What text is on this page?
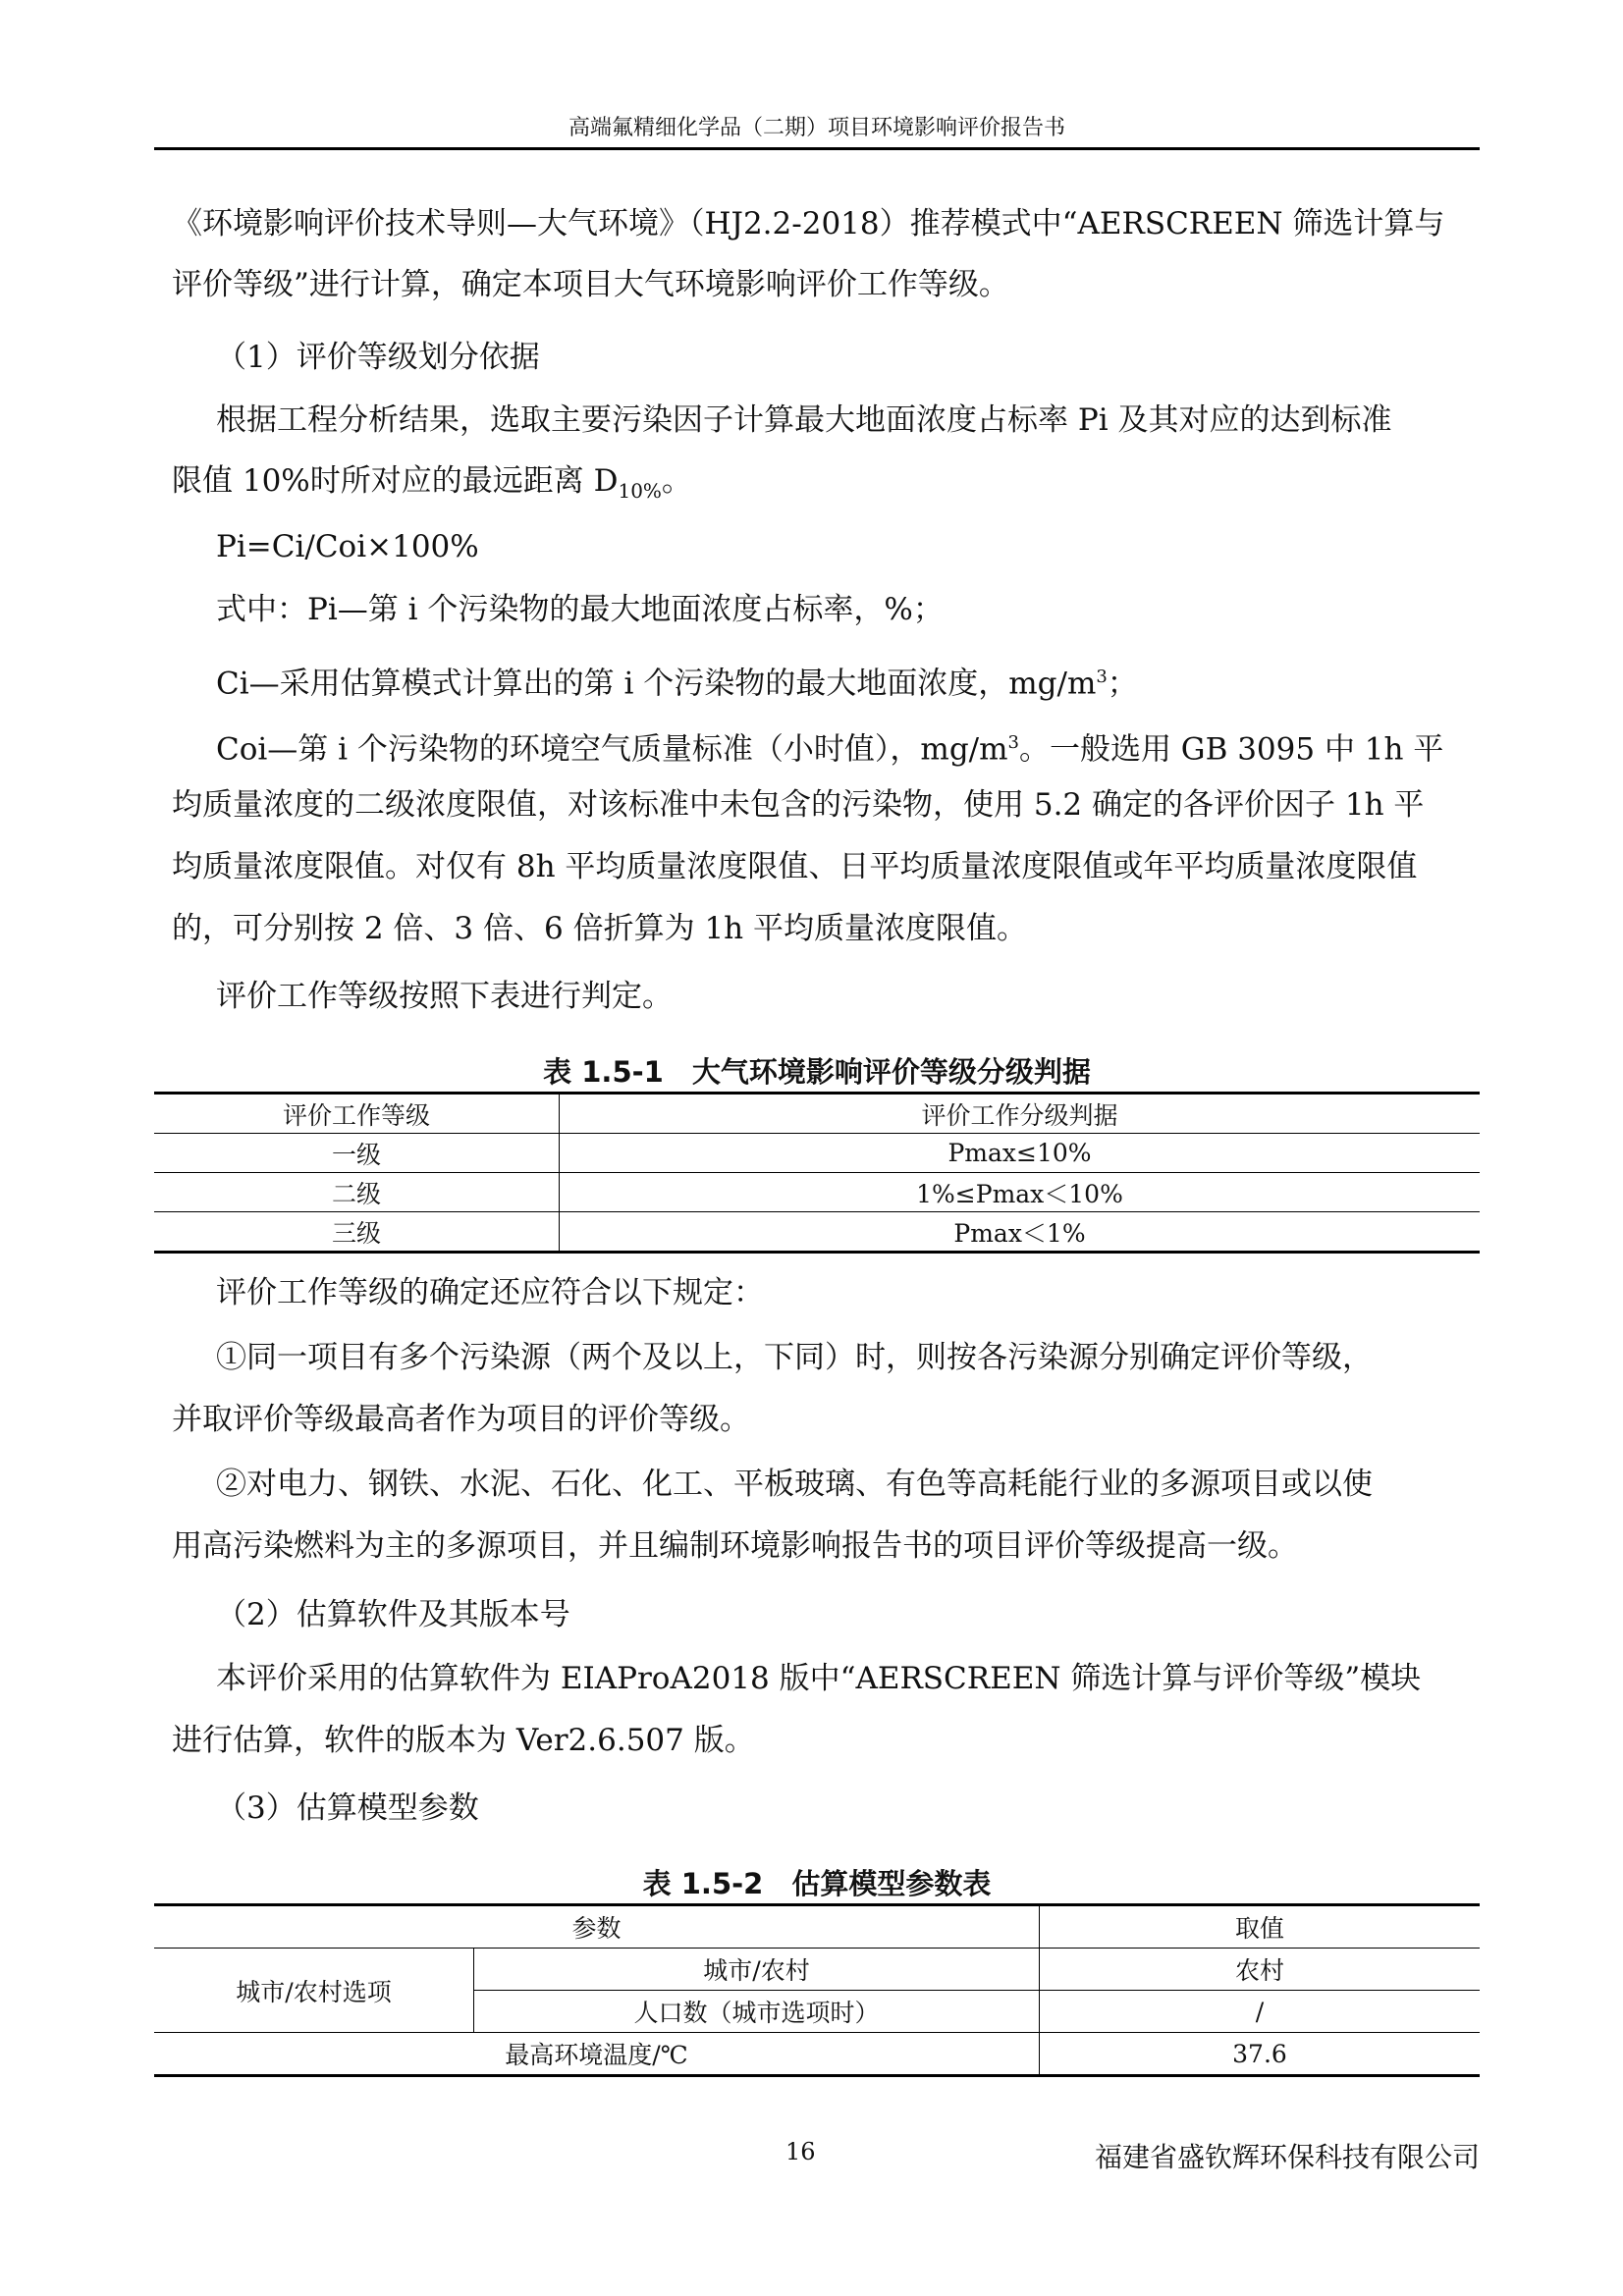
高端氟精细化学品（二期）项目环境影响评价报告书
《环境影响评价技术导则—大气环境》（HJ2.2-2018）推荐模式中“AERSCREEN 筛选计算与
评价等级”进行计算，确定本项目大气环境影响评价工作等级。
（1）评价等级划分依据
根据工程分析结果，选取主要污染因子计算最大地面浓度占标率 Pi 及其对应的达到标准
限值 10%时所对应的最远距离 $D_{10\%}$。
Pi=Ci/Coi×100%
式中：Pi—第 i 个污染物的最大地面浓度占标率，%；
Ci—采用估算模式计算出的第 i 个污染物的最大地面浓度，$mg/m^3$；
Coi—第 i 个污染物的环境空气质量标准（小时值），$mg/m^3$。一般选用 GB 3095 中 1h 平
均质量浓度的二级浓度限值，对该标准中未包含的污染物，使用 5.2 确定的各评价因子 1h 平
均质量浓度限值。对仅有 8h 平均质量浓度限值、日平均质量浓度限值或年平均质量浓度限值
的，可分别按 2 倍、3 倍、6 倍折算为 1h 平均质量浓度限值。
评价工作等级按照下表进行判定。
表 1.5-1　大气环境影响评价等级分级判据
评价工作等级	评价工作分级判据
一级	Pmax≤10%
二级	1%≤Pmax＜10%
三级	Pmax＜1%
评价工作等级的确定还应符合以下规定：
①同一项目有多个污染源（两个及以上，下同）时，则按各污染源分别确定评价等级，
并取评价等级最高者作为项目的评价等级。
②对电力、钢铁、水泥、石化、化工、平板玻璃、有色等高耗能行业的多源项目或以使
用高污染燃料为主的多源项目，并且编制环境影响报告书的项目评价等级提高一级。
（2）估算软件及其版本号
本评价采用的估算软件为 EIAProA2018 版中“AERSCREEN 筛选计算与评价等级”模块
进行估算，软件的版本为 Ver2.6.507 版。
（3）估算模型参数
表 1.5-2　估算模型参数表
参数		取值
城市/农村选项	城市/农村	农村
	人口数（城市选项时）	/
最高环境温度/℃		37.6
16	福建省盛钦辉环保科技有限公司
